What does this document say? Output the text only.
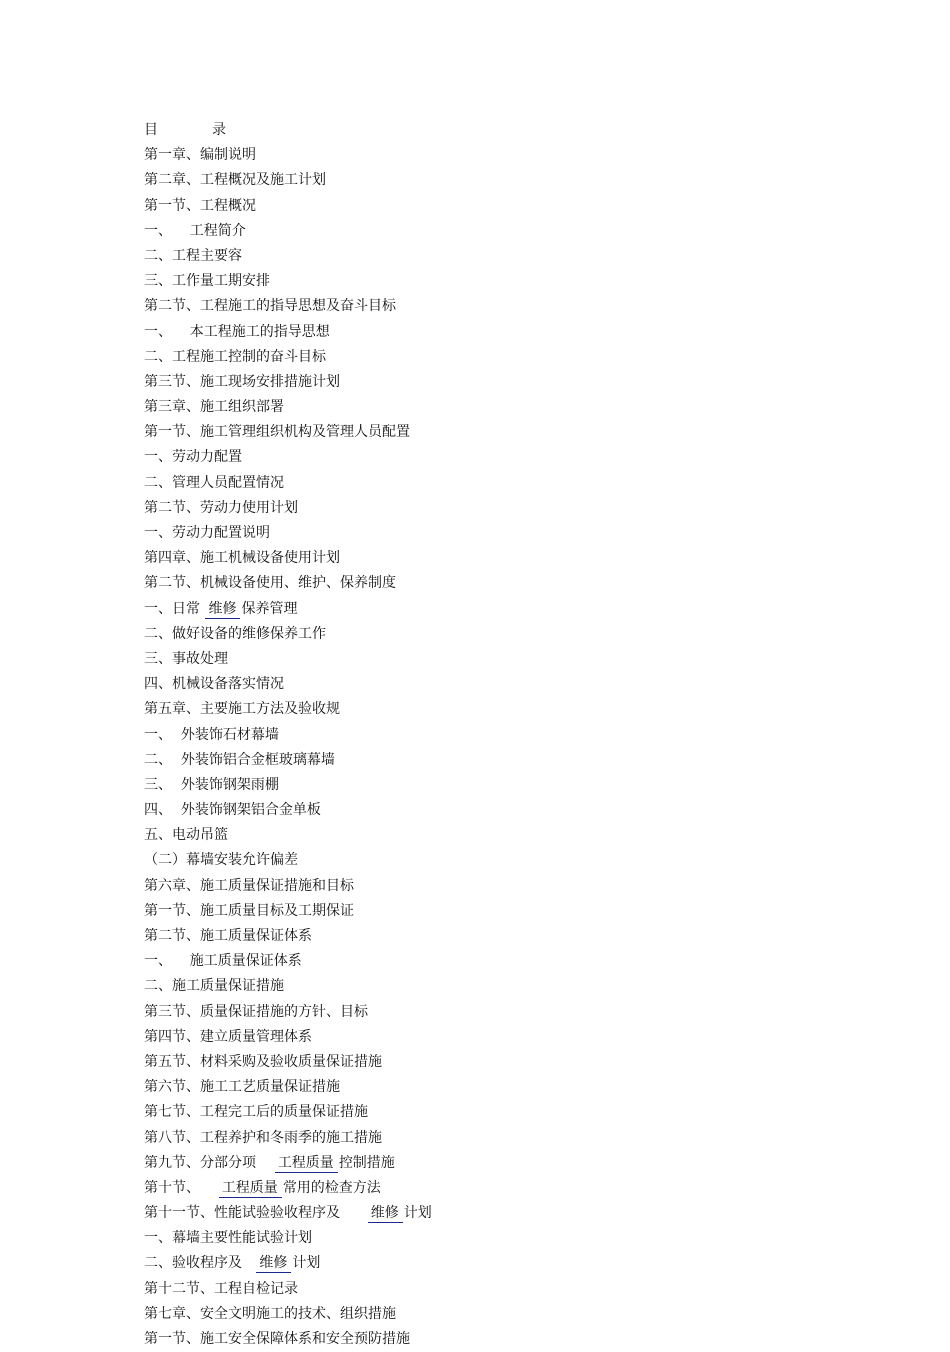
目	录
第一章、编制说明
第二章、工程概况及施工计划
第一节、工程概况
一、    工程简介
二、工程主要容
三、工作量工期安排
第二节、工程施工的指导思想及奋斗目标
一、    本工程施工的指导思想
二、工程施工控制的奋斗目标
第三节、施工现场安排措施计划
第三章、施工组织部署
第一节、施工管理组织机构及管理人员配置
一、劳动力配置
二、管理人员配置情况
第二节、劳动力使用计划
一、劳动力配置说明
第四章、施工机械设备使用计划
第二节、机械设备使用、维护、保养制度
一、日常 维修 保养管理
二、做好设备的维修保养工作
三、事故处理
四、机械设备落实情况
第五章、主要施工方法及验收规
一、  外装饰石材幕墙
二、  外装饰铝合金框玻璃幕墙
三、  外装饰钢架雨棚
四、  外装饰钢架铝合金单板
五、电动吊篮
（二）幕墙安装允许偏差
第六章、施工质量保证措施和目标
第一节、施工质量目标及工期保证
第二节、施工质量保证体系
一、    施工质量保证体系
二、施工质量保证措施
第三节、质量保证措施的方针、目标
第四节、建立质量管理体系
第五节、材料采购及验收质量保证措施
第六节、施工工艺质量保证措施
第七节、工程完工后的质量保证措施
第八节、工程养护和冬雨季的施工措施
第九节、分部分项    工程质量 控制措施
第十节、    工程质量 常用的检查方法
第十一节、性能试验验收程序及      维修 计划
一、幕墙主要性能试验计划
二、验收程序及   维修 计划
第十二节、工程自检记录
第七章、安全文明施工的技术、组织措施
第一节、施工安全保障体系和安全预防措施
